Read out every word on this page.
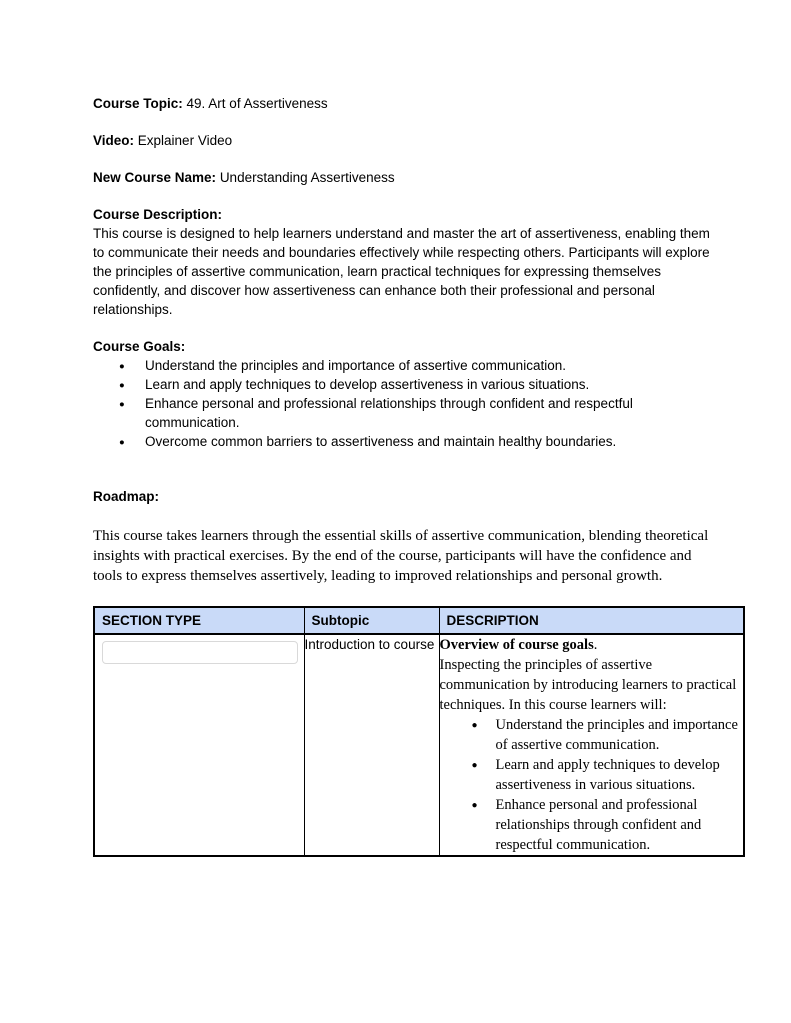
Course Topic: 49. Art of Assertiveness

Video: Explainer Video

New Course Name: Understanding Assertiveness

Course Description:

This course is designed to help learners understand and master the art of assertiveness, enabling them to communicate their needs and boundaries effectively while respecting others. Participants will explore the principles of assertive communication, learn practical techniques for expressing themselves confidently, and discover how assertiveness can enhance both their professional and personal relationships.

Course Goals:
● Understand the principles and importance of assertive communication.
● Learn and apply techniques to develop assertiveness in various situations.
● Enhance personal and professional relationships through confident and respectful communication.
● Overcome common barriers to assertiveness and maintain healthy boundaries.
Roadmap:

This course takes learners through the essential skills of assertive communication, blending theoretical insights with practical exercises. By the end of the course, participants will have the confidence and tools to express themselves assertively, leading to improved relationships and personal growth.

SECTION TYPE	Subtopic	DESCRIPTION

	Introduction to course	Overview of course goals.
Inspecting the principles of assertive communication by introducing learners to practical techniques. In this course learners will:
● Understand the principles and importance of assertive communication.
● Learn and apply techniques to develop assertiveness in various situations.
● Enhance personal and professional relationships through confident and respectful communication.
